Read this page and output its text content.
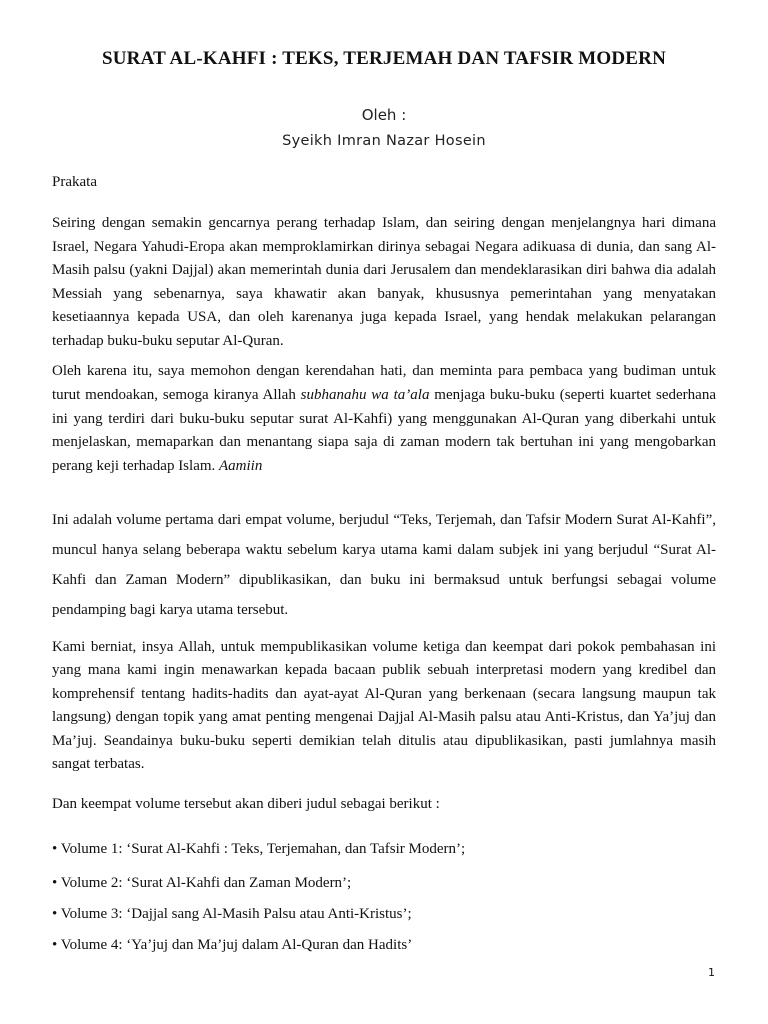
SURAT AL-KAHFI : TEKS, TERJEMAH DAN TAFSIR MODERN
Oleh :
Syeikh Imran Nazar Hosein
Prakata

Seiring dengan semakin gencarnya perang terhadap Islam, dan seiring dengan menjelangnya hari dimana Israel, Negara Yahudi-Eropa akan memproklamirkan dirinya sebagai Negara adikuasa di dunia, dan sang Al-Masih palsu (yakni Dajjal) akan memerintah dunia dari Jerusalem dan mendeklarasikan diri bahwa dia adalah Messiah yang sebenarnya, saya khawatir akan banyak, khususnya pemerintahan yang menyatakan kesetiaannya kepada USA, dan oleh karenanya juga kepada Israel, yang hendak melakukan pelarangan terhadap buku-buku seputar Al-Quran.

Oleh karena itu, saya memohon dengan kerendahan hati, dan meminta para pembaca yang budiman untuk turut mendoakan, semoga kiranya Allah subhanahu wa ta’ala menjaga buku-buku (seperti kuartet sederhana ini yang terdiri dari buku-buku seputar surat Al-Kahfi) yang menggunakan Al-Quran yang diberkahi untuk menjelaskan, memaparkan dan menantang siapa saja di zaman modern tak bertuhan ini yang mengobarkan perang keji terhadap Islam. Aamiin

Ini adalah volume pertama dari empat volume, berjudul “Teks, Terjemah, dan Tafsir Modern Surat Al-Kahfi”, muncul hanya selang beberapa waktu sebelum karya utama kami dalam subjek ini yang berjudul “Surat Al-Kahfi dan Zaman Modern” dipublikasikan, dan buku ini bermaksud untuk berfungsi sebagai volume pendamping bagi karya utama tersebut.

Kami berniat, insya Allah, untuk mempublikasikan volume ketiga dan keempat dari pokok pembahasan ini yang mana kami ingin menawarkan kepada bacaan publik sebuah interpretasi modern yang kredibel dan komprehensif tentang hadits-hadits dan ayat-ayat Al-Quran yang berkenaan (secara langsung maupun tak langsung) dengan topik yang amat penting mengenai Dajjal Al-Masih palsu atau Anti-Kristus, dan Ya’juj dan Ma’juj. Seandainya buku-buku seperti demikian telah ditulis atau dipublikasikan, pasti jumlahnya masih sangat terbatas.

Dan keempat volume tersebut akan diberi judul sebagai berikut :

• Volume 1: ‘Surat Al-Kahfi : Teks, Terjemahan, dan Tafsir Modern’;
• Volume 2: ‘Surat Al-Kahfi dan Zaman Modern’;
• Volume 3: ‘Dajjal sang Al-Masih Palsu atau Anti-Kristus’;
• Volume 4: ‘Ya’juj dan Ma’juj dalam Al-Quran dan Hadits’
1
